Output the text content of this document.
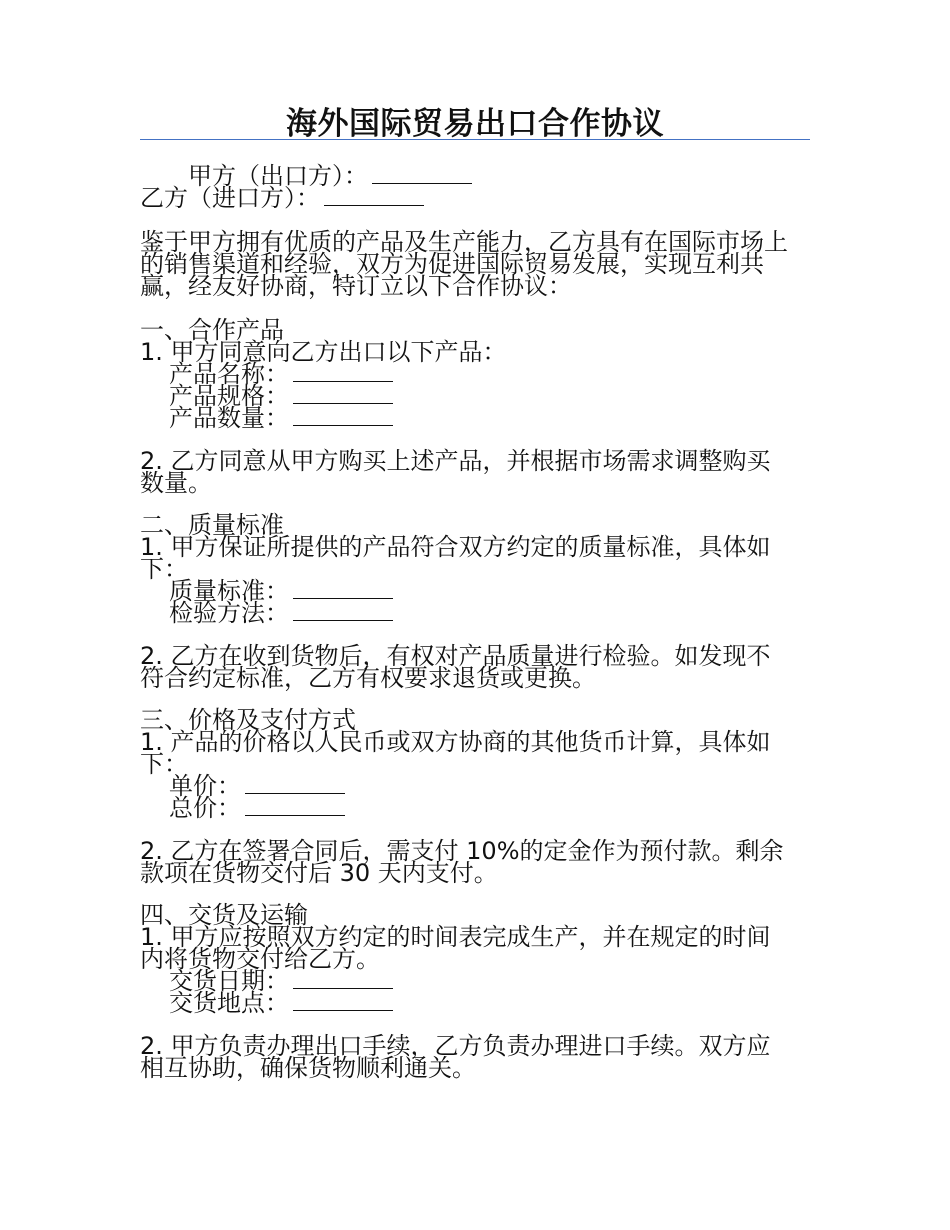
海外国际贸易出口合作协议
甲方（出口方）：
乙方（进口方）：
鉴于甲方拥有优质的产品及生产能力，乙方具有在国际市场上
的销售渠道和经验，双方为促进国际贸易发展，实现互利共
赢，经友好协商，特订立以下合作协议：
一、合作产品
1. 甲方同意向乙方出口以下产品：
产品名称：
产品规格：
产品数量：
2. 乙方同意从甲方购买上述产品，并根据市场需求调整购买
数量。
二、质量标准
1. 甲方保证所提供的产品符合双方约定的质量标准，具体如
下：
质量标准：
检验方法：
2. 乙方在收到货物后，有权对产品质量进行检验。如发现不
符合约定标准，乙方有权要求退货或更换。
三、价格及支付方式
1. 产品的价格以人民币或双方协商的其他货币计算，具体如
下：
单价：
总价：
2. 乙方在签署合同后，需支付 10%的定金作为预付款。剩余
款项在货物交付后 30 天内支付。
四、交货及运输
1. 甲方应按照双方约定的时间表完成生产，并在规定的时间
内将货物交付给乙方。
交货日期：
交货地点：
2. 甲方负责办理出口手续，乙方负责办理进口手续。双方应
相互协助，确保货物顺利通关。
